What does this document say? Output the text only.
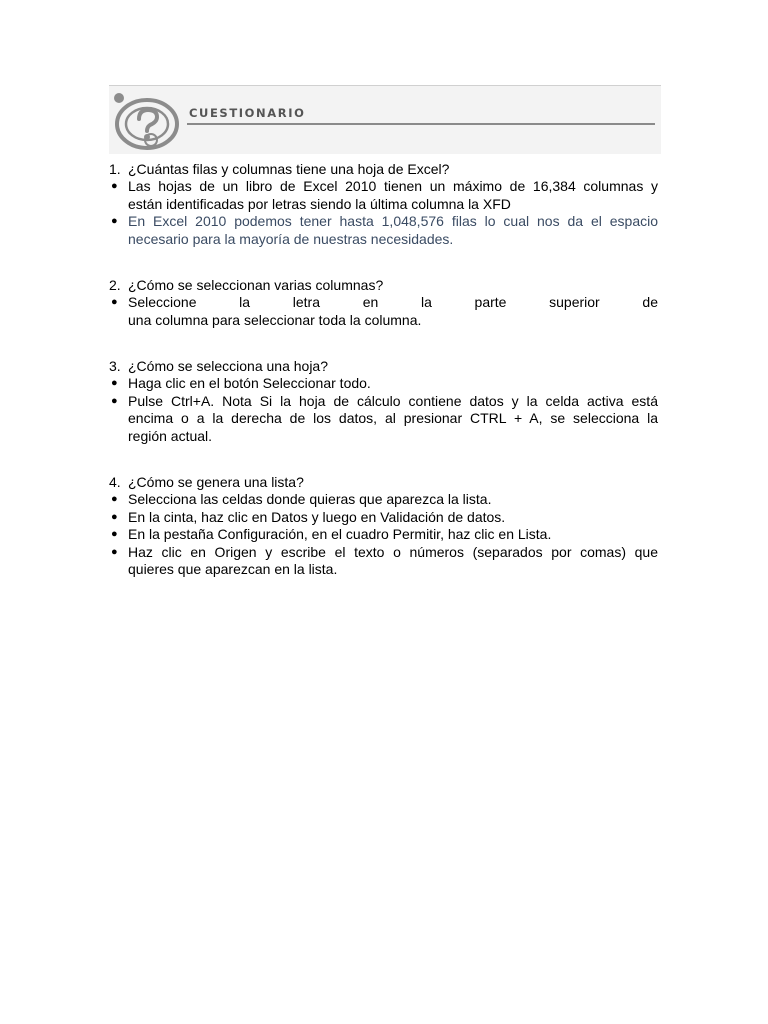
CUESTIONARIO
1. ¿Cuántas filas y columnas tiene una hoja de Excel?
● Las hojas de un libro de Excel 2010 tienen un máximo de 16,384 columnas y
están identificadas por letras siendo la última columna la XFD
● En Excel 2010 podemos tener hasta 1,048,576 filas lo cual nos da el espacio
necesario para la mayoría de nuestras necesidades.
2. ¿Cómo se seleccionan varias columnas?
● Seleccione la letra en la parte superior de
una columna para seleccionar toda la columna.
3. ¿Cómo se selecciona una hoja?
● Haga clic en el botón Seleccionar todo.
● Pulse Ctrl+A. Nota Si la hoja de cálculo contiene datos y la celda activa está
encima o a la derecha de los datos, al presionar CTRL + A, se selecciona la
región actual.
4. ¿Cómo se genera una lista?
● Selecciona las celdas donde quieras que aparezca la lista.
● En la cinta, haz clic en Datos y luego en Validación de datos.
● En la pestaña Configuración, en el cuadro Permitir, haz clic en Lista.
● Haz clic en Origen y escribe el texto o números (separados por comas) que
quieres que aparezcan en la lista.
